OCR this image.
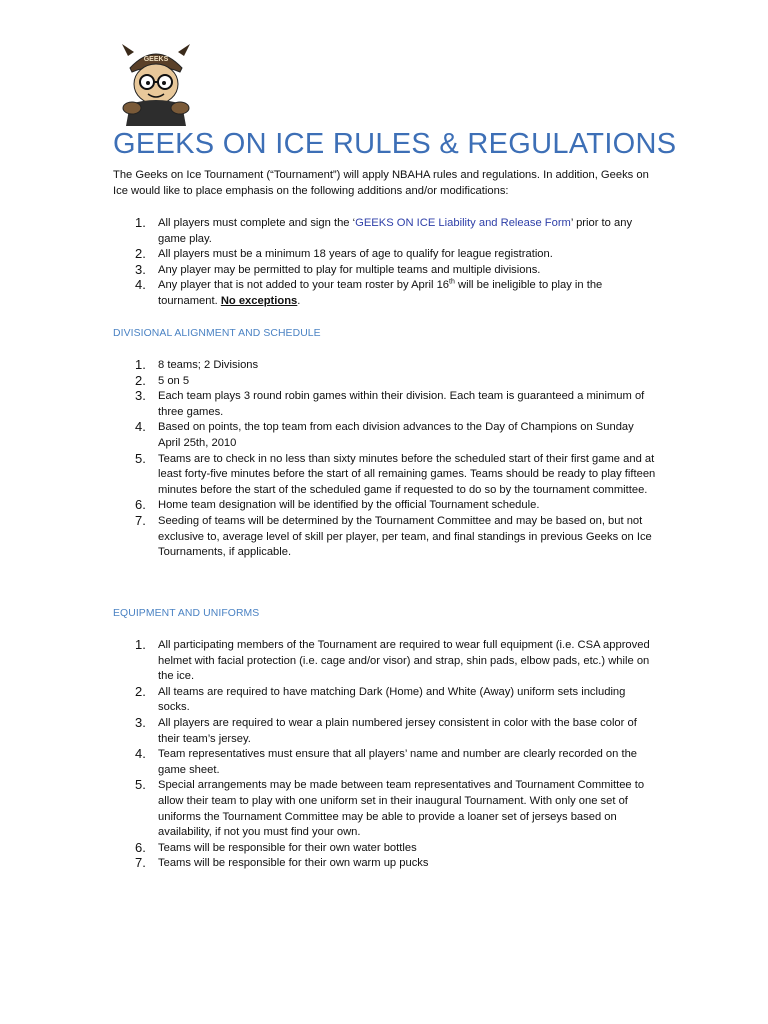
GEEKS
GEEKS ON ICE RULES & REGULATIONS

The Geeks on Ice Tournament (“Tournament”) will apply NBAHA rules and regulations. In addition, Geeks on Ice would like to place emphasis on the following additions and/or modifications:

1.	All players must complete and sign the ‘GEEKS ON ICE Liability and Release Form’ prior to any game play.
2.	All players must be a minimum 18 years of age to qualify for league registration.
3.	Any player may be permitted to play for multiple teams and multiple divisions.
4.	Any player that is not added to your team roster by April 16th will be ineligible to play in the tournament. No exceptions.

DIVISIONAL ALIGNMENT AND SCHEDULE

1.	8 teams; 2 Divisions
2.	5 on 5
3.	Each team plays 3 round robin games within their division. Each team is guaranteed a minimum of three games.
4.	Based on points, the top team from each division advances to the Day of Champions on Sunday April 25th, 2010
5.	Teams are to check in no less than sixty minutes before the scheduled start of their first game and at least forty-five minutes before the start of all remaining games. Teams should be ready to play fifteen minutes before the start of the scheduled game if requested to do so by the tournament committee.
6.	Home team designation will be identified by the official Tournament schedule.
7.	Seeding of teams will be determined by the Tournament Committee and may be based on, but not exclusive to, average level of skill per player, per team, and final standings in previous Geeks on Ice Tournaments, if applicable.

EQUIPMENT AND UNIFORMS

1.	All participating members of the Tournament are required to wear full equipment (i.e. CSA approved helmet with facial protection (i.e. cage and/or visor) and strap, shin pads, elbow pads, etc.) while on the ice.
2.	All teams are required to have matching Dark (Home) and White (Away) uniform sets including socks.
3.	All players are required to wear a plain numbered jersey consistent in color with the base color of their team’s jersey.
4.	Team representatives must ensure that all players’ name and number are clearly recorded on the game sheet.
5.	Special arrangements may be made between team representatives and Tournament Committee to allow their team to play with one uniform set in their inaugural Tournament. With only one set of uniforms the Tournament Committee may be able to provide a loaner set of jerseys based on availability, if not you must find your own.
6.	Teams will be responsible for their own water bottles
7.	Teams will be responsible for their own warm up pucks
